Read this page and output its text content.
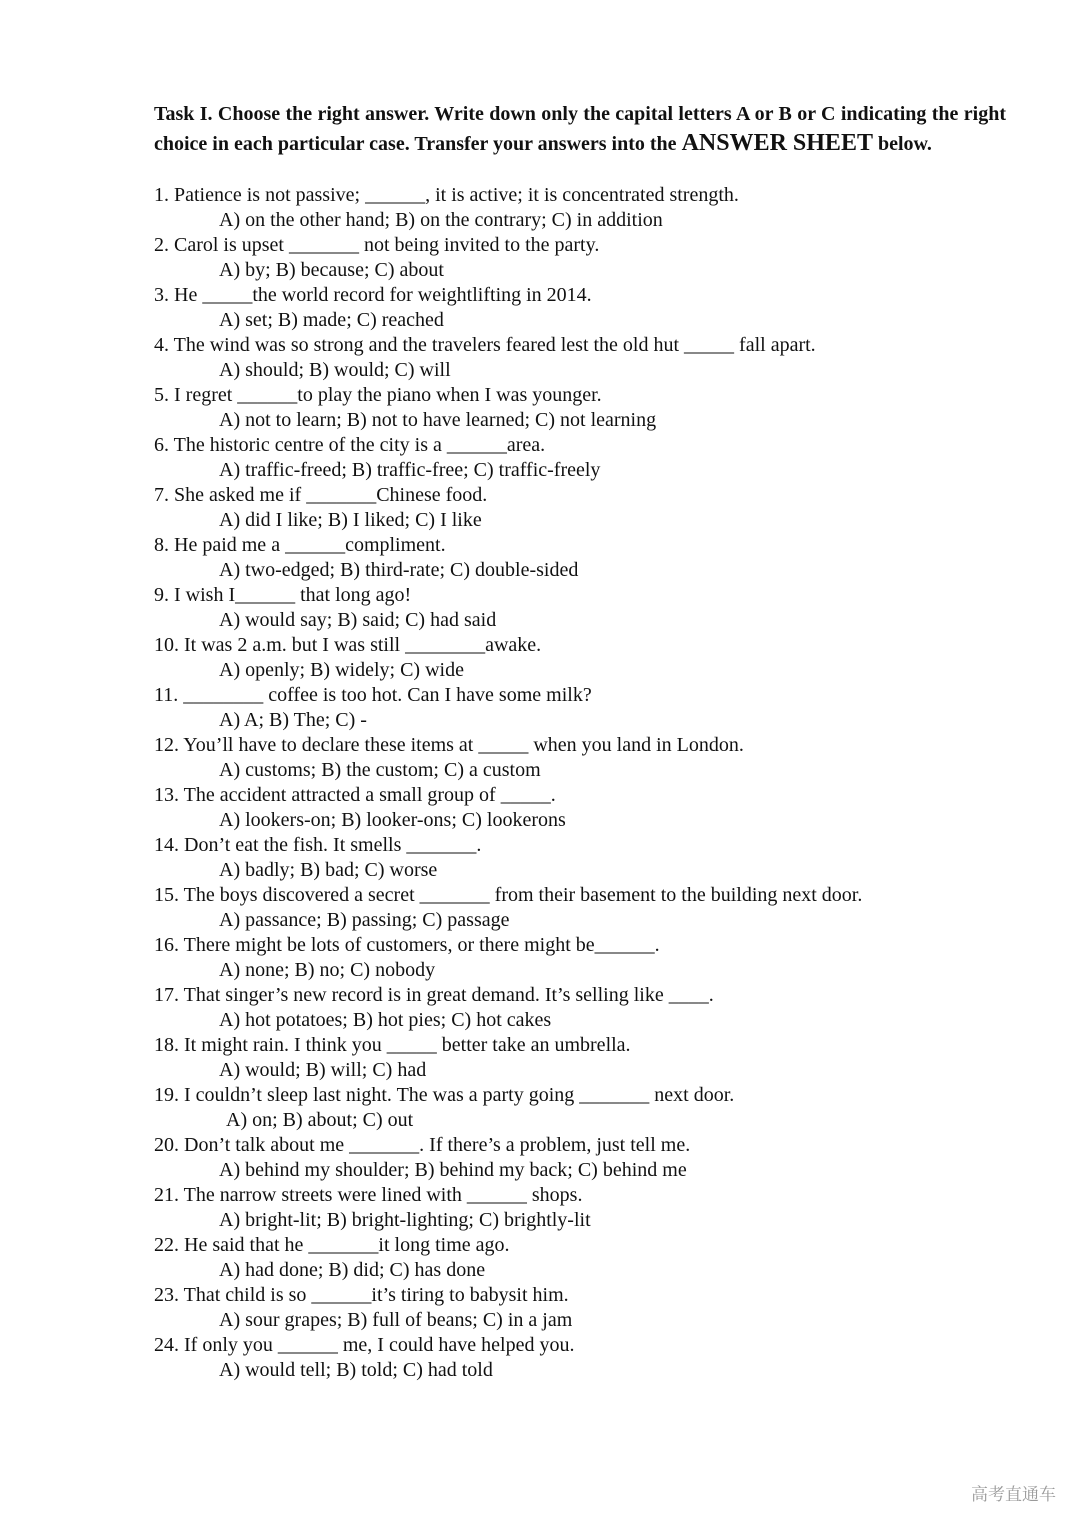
Task I. Choose the right answer. Write down only the capital letters A or B or C indicating the right choice in each particular case. Transfer your answers into the ANSWER SHEET below.

1. Patience is not passive; ______, it is active; it is concentrated strength.
A) on the other hand; B) on the contrary; C) in addition
2. Carol is upset _______ not being invited to the party.
A) by; B) because; C) about
3. He _____the world record for weightlifting in 2014.
A) set; B) made; C) reached
4. The wind was so strong and the travelers feared lest the old hut _____ fall apart.
A) should; B) would; C) will
5. I regret ______to play the piano when I was younger.
A) not to learn; B) not to have learned; C) not learning
6. The historic centre of the city is a ______area.
A) traffic-freed; B) traffic-free; C) traffic-freely
7. She asked me if _______Chinese food.
A) did I like; B) I liked; C) I like
8. He paid me a ______compliment.
A) two-edged; B) third-rate; C) double-sided
9. I wish I______ that long ago!
A) would say; B) said; C) had said
10. It was 2 a.m. but I was still ________awake.
A) openly; B) widely; C) wide
11. ________ coffee is too hot. Can I have some milk?
A) A; B) The; C) -
12. You’ll have to declare these items at _____ when you land in London.
A) customs; B) the custom; C) a custom
13. The accident attracted a small group of _____.
A) lookers-on; B) looker-ons; C) lookerons
14. Don’t eat the fish. It smells _______.
A) badly; B) bad; C) worse
15. The boys discovered a secret _______ from their basement to the building next door.
A) passance; B) passing; C) passage
16. There might be lots of customers, or there might be______.
A) none; B) no; C) nobody
17. That singer’s new record is in great demand. It’s selling like ____.
A) hot potatoes; B) hot pies; C) hot cakes
18. It might rain. I think you _____ better take an umbrella.
A) would; B) will; C) had
19. I couldn’t sleep last night. The was a party going _______ next door.
A) on; B) about; C) out
20. Don’t talk about me _______. If there’s a problem, just tell me.
A) behind my shoulder; B) behind my back; C) behind me
21. The narrow streets were lined with ______ shops.
A) bright-lit; B) bright-lighting; C) brightly-lit
22. He said that he _______it long time ago.
A) had done; B) did; C) has done
23. That child is so ______it’s tiring to babysit him.
A) sour grapes; B) full of beans; C) in a jam
24. If only you ______ me, I could have helped you.
A) would tell; B) told; C) had told
高考直通车
